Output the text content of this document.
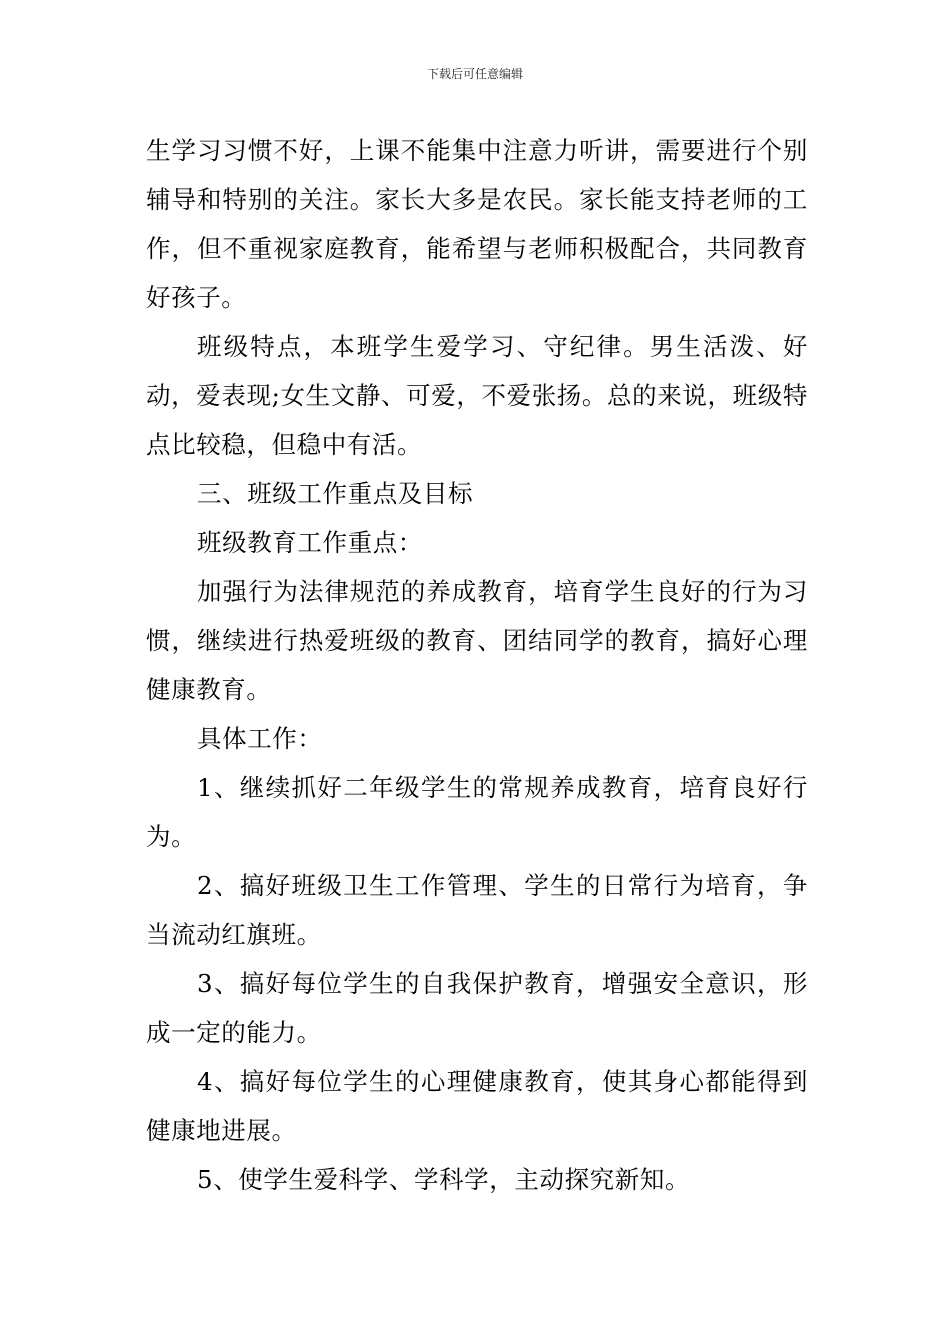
下载后可任意编辑

生学习习惯不好，上课不能集中注意力听讲，需要进行个别辅导和特别的关注。家长大多是农民。家长能支持老师的工作，但不重视家庭教育，能希望与老师积极配合，共同教育好孩子。

班级特点，本班学生爱学习、守纪律。男生活泼、好动，爱表现;女生文静、可爱，不爱张扬。总的来说，班级特点比较稳，但稳中有活。

三、班级工作重点及目标

班级教育工作重点：

加强行为法律规范的养成教育，培育学生良好的行为习惯，继续进行热爱班级的教育、团结同学的教育，搞好心理健康教育。

具体工作：

1、继续抓好二年级学生的常规养成教育，培育良好行为。

2、搞好班级卫生工作管理、学生的日常行为培育，争当流动红旗班。

3、搞好每位学生的自我保护教育，增强安全意识，形成一定的能力。

4、搞好每位学生的心理健康教育，使其身心都能得到健康地进展。

5、使学生爱科学、学科学，主动探究新知。
